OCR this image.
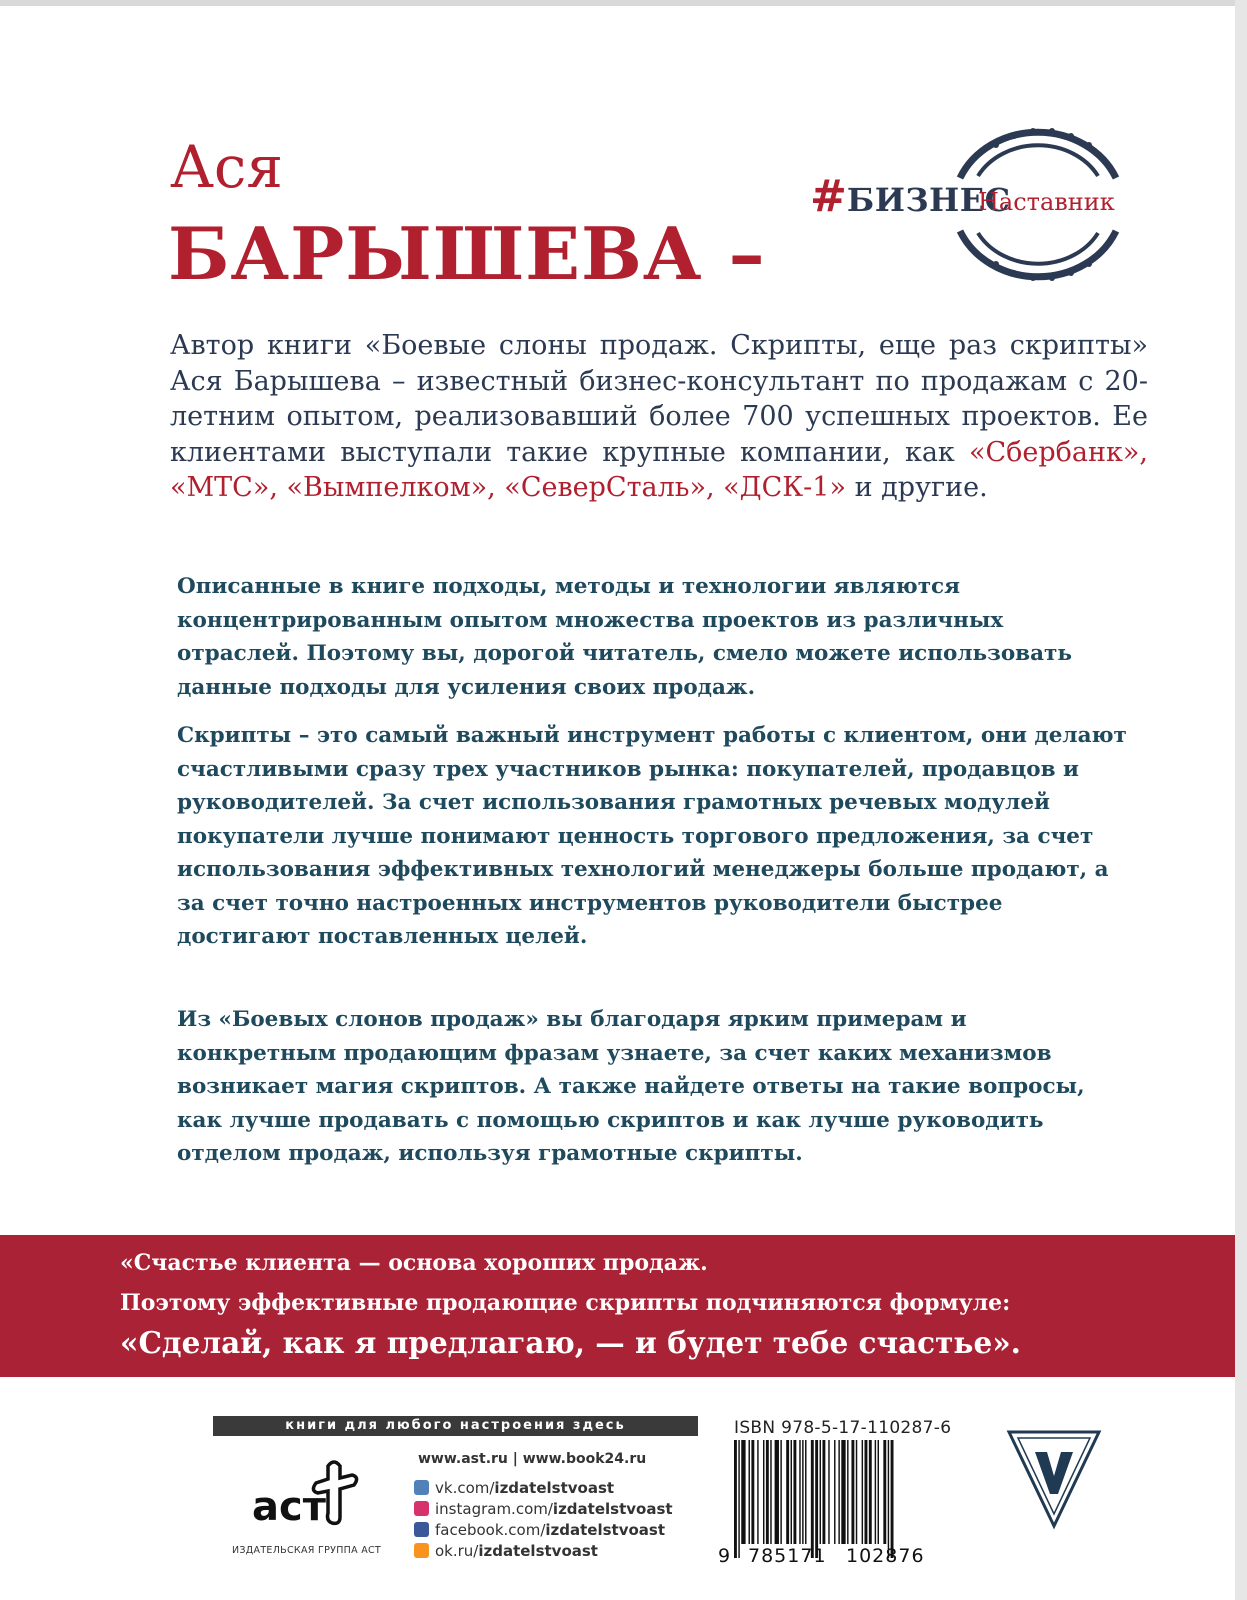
Ася
БАРЫШЕВА –
#БИЗНЕС
Наставник
Автор книги «Боевые слоны продаж. Скрипты, еще раз скрипты» Ася Барышева – известный бизнес-консультант по продажам с 20-летним опытом, реализовавший более 700 успешных проектов. Ее клиентами выступали такие крупные компании, как «Сбербанк», «МТС», «Вымпелком», «СеверСталь», «ДСК-1» и другие.
Описанные в книге подходы, методы и технологии являются концентрированным опытом множества проектов из различных отраслей. Поэтому вы, дорогой читатель, смело можете использовать данные подходы для усиления своих продаж.
Скрипты – это самый важный инструмент работы с клиентом, они делают счастливыми сразу трех участников рынка: покупателей, продавцов и руководителей. За счет использования грамотных речевых модулей покупатели лучше понимают ценность торгового предложения, за счет использования эффективных технологий менеджеры больше продают, а за счет точно настроенных инструментов руководители быстрее достигают поставленных целей.
Из «Боевых слонов продаж» вы благодаря ярким примерам и конкретным продающим фразам узнаете, за счет каких механизмов возникает магия скриптов. А также найдете ответы на такие вопросы, как лучше продавать с помощью скриптов и как лучше руководить отделом продаж, используя грамотные скрипты.
«Счастье клиента — основа хороших продаж.
Поэтому эффективные продающие скрипты подчиняются формуле:
«Сделай, как я предлагаю, — и будет тебе счастье».
книги для любого настроения здесь
аст
ИЗДАТЕЛЬСКАЯ ГРУППА АСТ
www.ast.ru | www.book24.ru
vk.com/ izdatelstvoast
instagram.com/ izdatelstvoast
facebook.com/ izdatelstvoast
ok.ru/ izdatelstvoast
ISBN 978-5-17-110287-6
9 785171 102876
